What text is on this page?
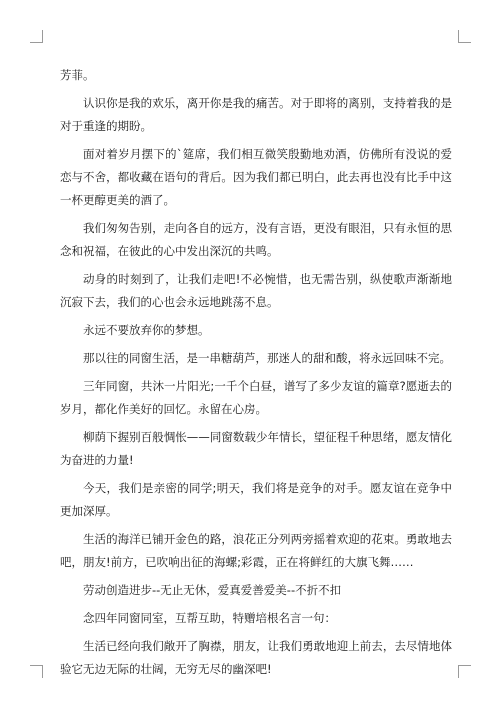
芳菲。

认识你是我的欢乐，离开你是我的痛苦。对于即将的离别，支持着我的是对于重逢的期盼。

面对着岁月摆下的`筵席，我们相互微笑殷勤地劝酒，仿佛所有没说的爱恋与不舍，都收藏在语句的背后。因为我们都已明白，此去再也没有比手中这一杯更醇更美的酒了。

我们匆匆告别，走向各自的远方，没有言语，更没有眼泪，只有永恒的思念和祝福，在彼此的心中发出深沉的共鸣。

动身的时刻到了，让我们走吧!不必惋惜，也无需告别，纵使歌声渐渐地沉寂下去，我们的心也会永远地跳荡不息。

永远不要放弃你的梦想。

那以往的同窗生活，是一串糖葫芦，那迷人的甜和酸，将永远回味不完。

三年同窗，共沐一片阳光;一千个白昼，谱写了多少友谊的篇章?愿逝去的岁月，都化作美好的回忆。永留在心房。

柳荫下握别百般惆怅——同窗数载少年情长，望征程千种思绪，愿友情化为奋进的力量!

今天，我们是亲密的同学;明天，我们将是竞争的对手。愿友谊在竞争中更加深厚。

生活的海洋已铺开金色的路，浪花正分列两旁摇着欢迎的花束。勇敢地去吧，朋友!前方，已吹响出征的海螺;彩霞，正在将鲜红的大旗飞舞……

劳动创造进步--无止无休，爱真爱善爱美--不折不扣

念四年同窗同室，互帮互助，特赠培根名言一句：

生活已经向我们敞开了胸襟，朋友，让我们勇敢地迎上前去，去尽情地体验它无边无际的壮阔，无穷无尽的幽深吧!
